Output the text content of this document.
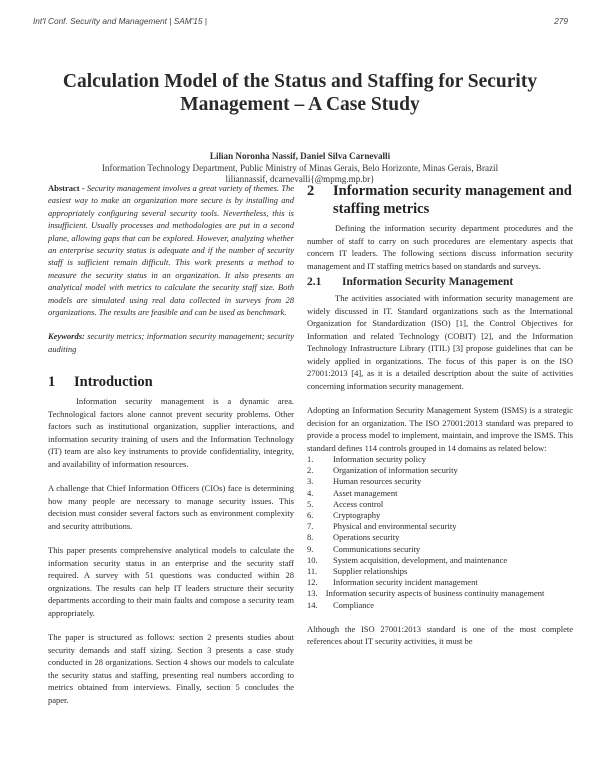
Int'l Conf. Security and Management | SAM'15 |	279
Calculation Model of the Status and Staffing for Security
Management – A Case Study
Lilian Noronha Nassif, Daniel Silva Carnevalli
Information Technology Department, Public Ministry of Minas Gerais, Belo Horizonte, Minas Gerais, Brazil
liliannassif, dcarnevalli{@mpmg.mp.br}

Abstract - Security management involves a great variety of themes. The easiest way to make an organization more secure is by installing and appropriately configuring several security tools. Nevertheless, this is insufficient. Usually processes and methodologies are put in a second plane, allowing gaps that can be explored. However, analyzing whether an enterprise security status is adequate and if the number of security staff is sufficient remain difficult. This work presents a method to measure the security status in an organization. It also presents an analytical model with metrics to calculate the security staff size. Both models are simulated using real data collected in surveys from 28 organizations. The results are feasible and can be used as benchmark.

Keywords: security metrics; information security management; security auditing

1	Introduction

Information security management is a dynamic area. Technological factors alone cannot prevent security problems. Other factors such as institutional organization, supplier interactions, and information security training of users and the Information Technology (IT) team are also key instruments to provide confidentiality, integrity, and availability of information resources.

A challenge that Chief Information Officers (CIOs) face is determining how many people are necessary to manage security issues. This decision must consider several factors such as environment complexity and security attributions.

This paper presents comprehensive analytical models to calculate the information security status in an enterprise and the security staff required. A survey with 51 questions was conducted within 28 orgnizations. The results can help IT leaders structure their security departments according to their main faults and compose a security team appropriately.

The paper is structured as follows: section 2 presents studies about security demands and staff sizing. Section 3 presents a case study conducted in 28 organizations. Section 4 shows our models to calculate the security status and staffing, presenting real numbers according to metrics obtained from interviews. Finally, section 5 concludes the paper.

2	Information security management and staffing metrics

Defining the information security department procedures and the number of staff to carry on such procedures are elementary aspects that concern IT leaders. The following sections discuss information security management and IT staffing metrics based on standards and surveys.

2.1	Information Security Management

The activities associated with information security management are widely discussed in IT. Standard organizations such as the International Organization for Standardization (ISO) [1], the Control Objectives for Information and related Technology (COBIT) [2], and the Information Technology Infrastructure Library (ITIL) [3] propose guidelines that can be widely applied in organizations. The focus of this paper is on the ISO 27001:2013 [4], as it is a detailed description about the suite of activities concerning information security management.

Adopting an Information Security Management System (ISMS) is a strategic decision for an organization. The ISO 27001:2013 standard was prepared to provide a process model to implement, maintain, and improve the ISMS. This standard defines 114 controls grouped in 14 domains as related below:

1.	Information security policy
2.	Organization of information security
3.	Human resources security
4.	Asset management
5.	Access control
6.	Cryptography
7.	Physical and environmental security
8.	Operations security
9.	Communications security
10.	System acquisition, development, and maintenance
11.	Supplier relationships
12.	Information security incident management
13. Information security aspects of business continuity management
14.	Compliance

Although the ISO 27001:2013 standard is one of the most complete references about IT security activities, it must be
